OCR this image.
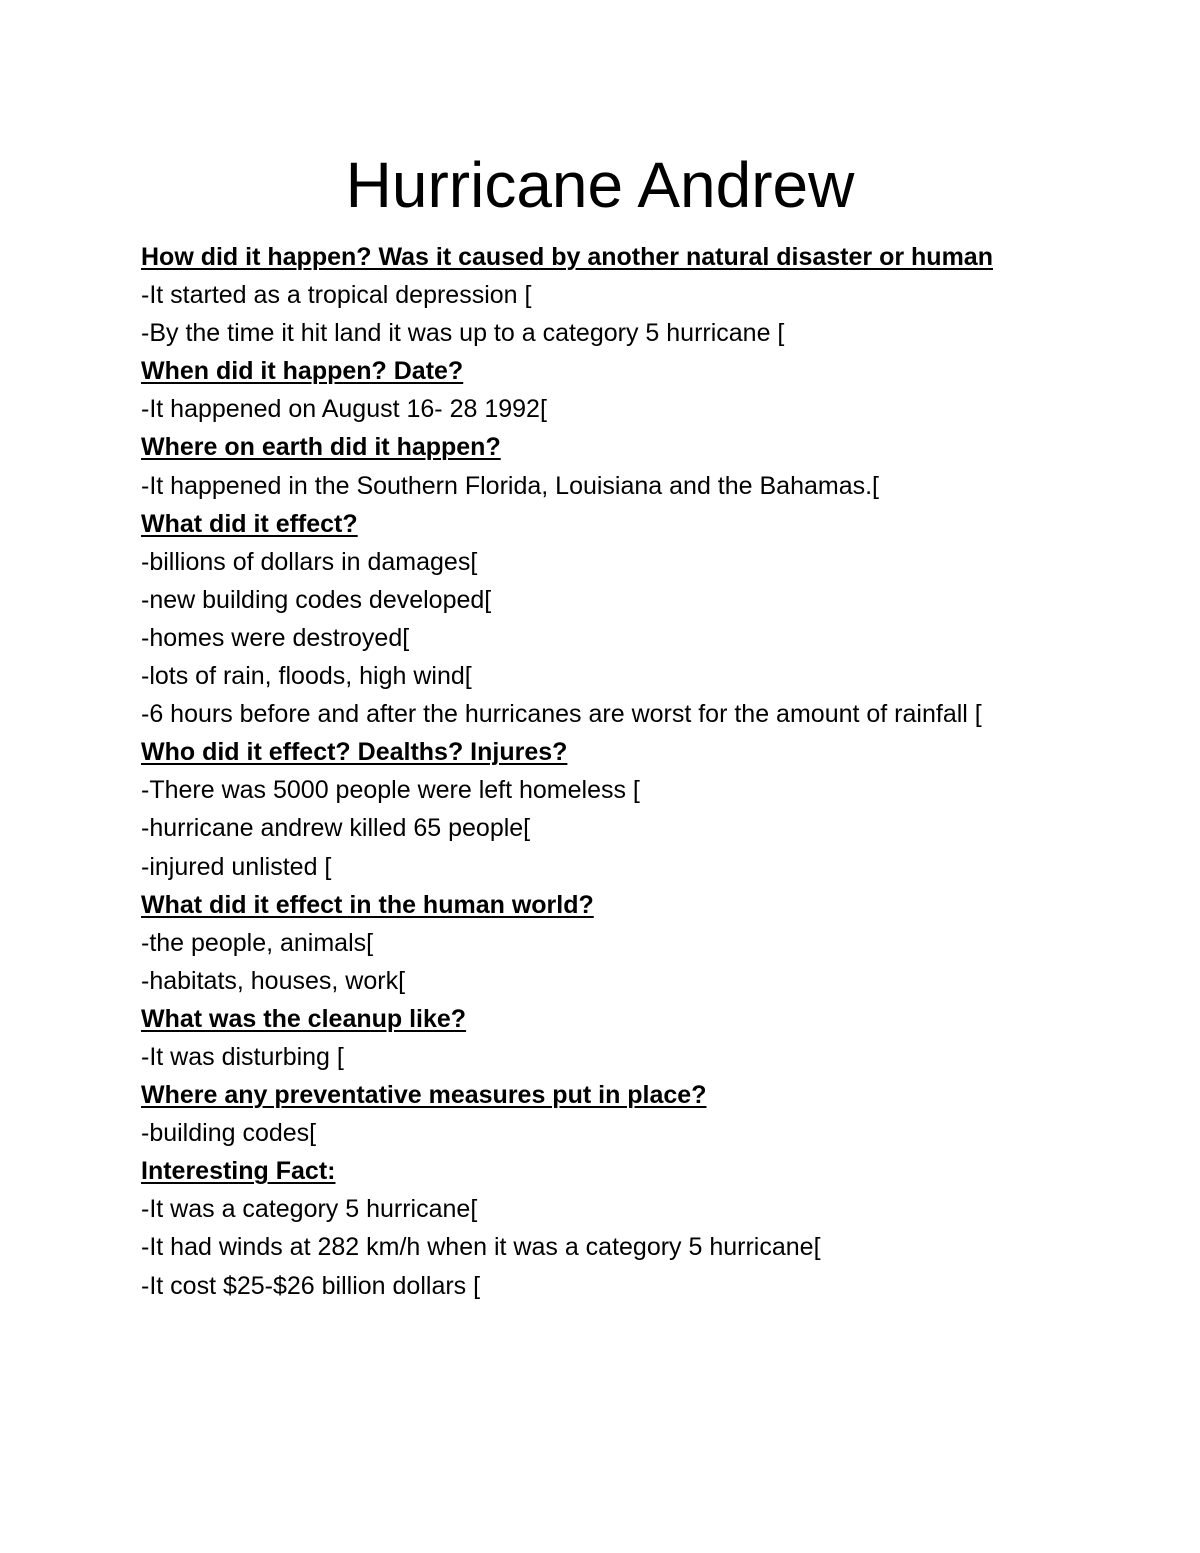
Hurricane Andrew

How did it happen? Was it caused by another natural disaster or human

-It started as a tropical depression [

-By the time it hit land it was up to a category 5 hurricane [

When did it happen? Date?

-It happened on August 16- 28 1992[

Where on earth did it happen?

-It happened in the Southern Florida, Louisiana and the Bahamas.[

What did it effect?

-billions of dollars in damages[

-new building codes developed[

-homes were destroyed[

-lots of rain, floods, high wind[

-6 hours before and after the hurricanes are worst for the amount of rainfall [

Who did it effect? Dealths? Injures?

-There was 5000 people were left homeless [

-hurricane andrew killed 65 people[

-injured unlisted [

What did it effect in the human world?

-the people, animals[

-habitats, houses, work[

What was the cleanup like?

-It was disturbing [

Where any preventative measures put in place?

-building codes[

Interesting Fact:

-It was a category 5 hurricane[

-It had winds at 282 km/h when it was a category 5 hurricane[

-It cost $25-$26 billion dollars [
